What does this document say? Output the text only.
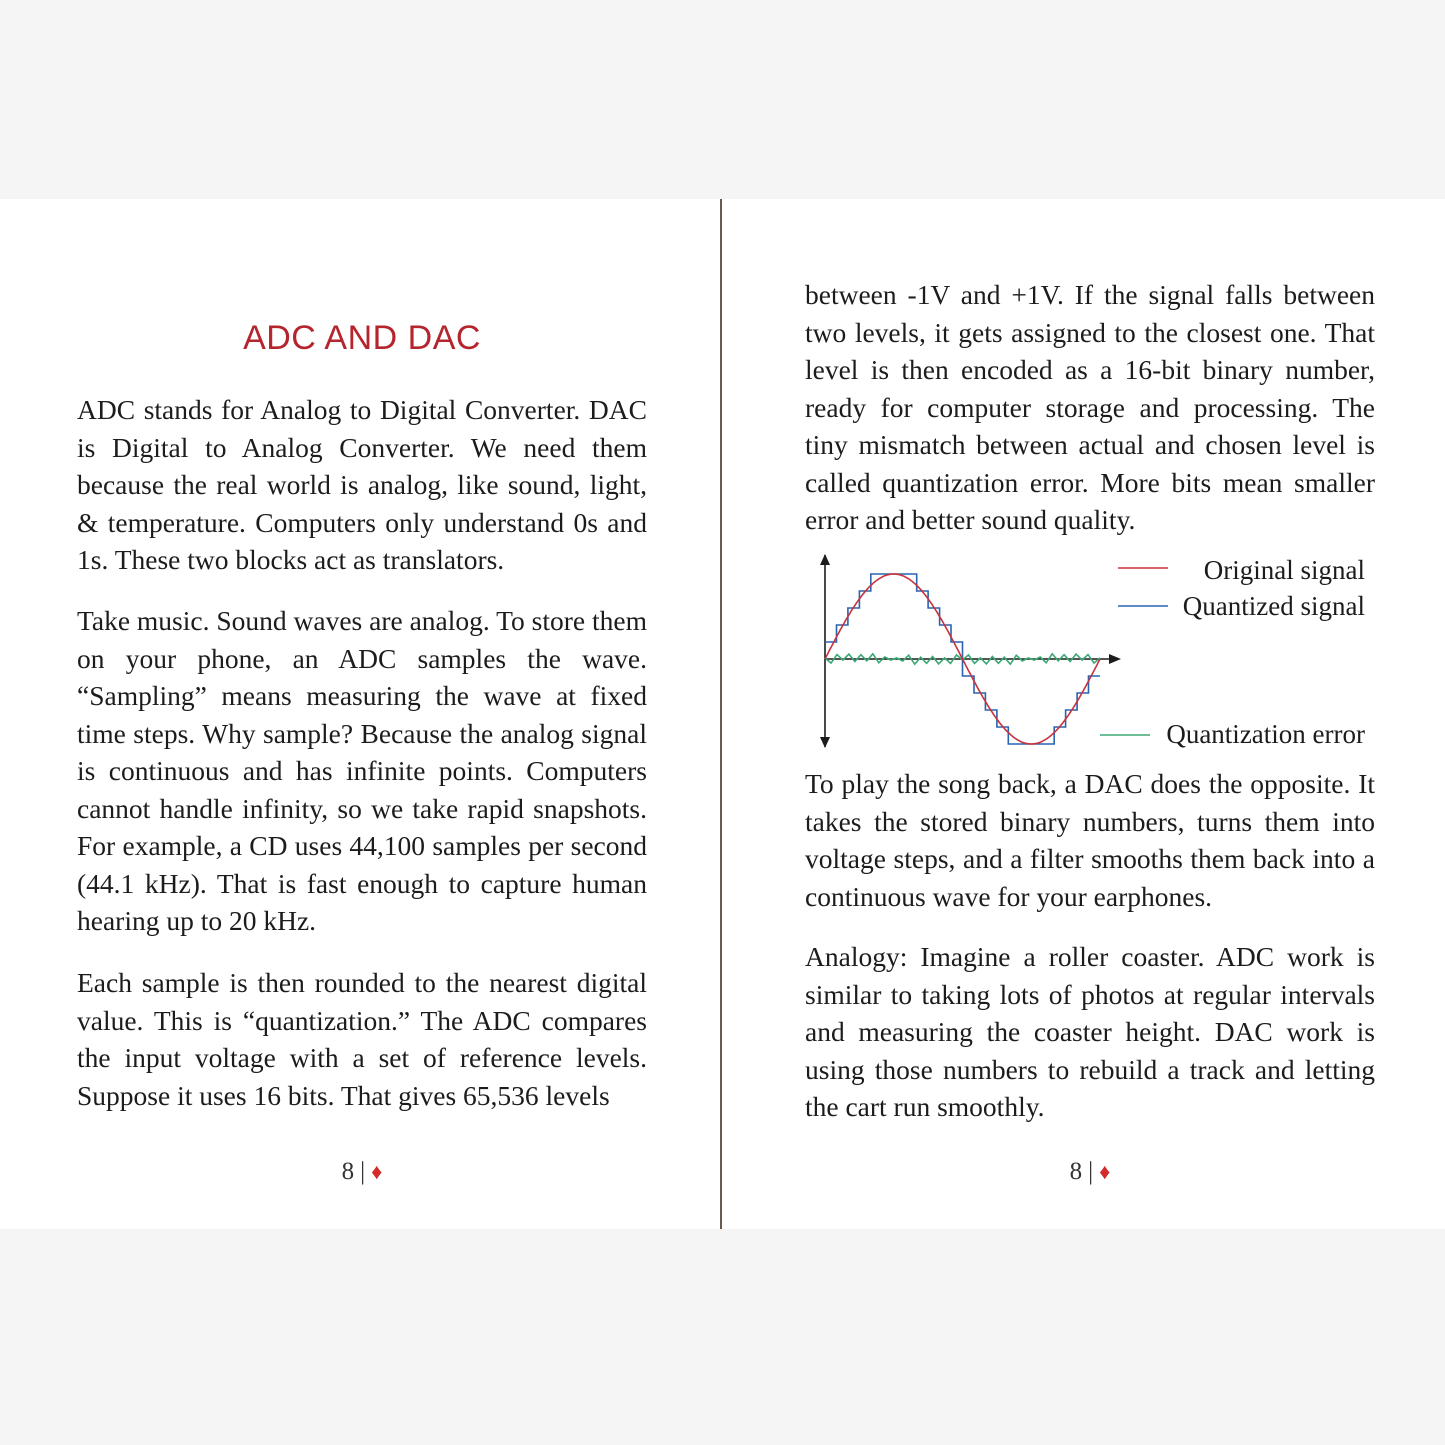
ADC AND DAC

ADC stands for Analog to Digital Converter. DAC is Digital to Analog Converter. We need them because the real world is analog, like sound, light, & temperature. Computers only understand 0s and 1s. These two blocks act as translators.

Take music. Sound waves are analog. To store them on your phone, an ADC samples the wave. “Sampling” means measuring the wave at fixed time steps. Why sample? Because the analog signal is continuous and has infinite points. Computers cannot handle infinity, so we take rapid snapshots. For example, a CD uses 44,100 samples per second (44.1 kHz). That is fast enough to capture human hearing up to 20 kHz.

Each sample is then rounded to the nearest digital value. This is “quantization.” The ADC compares the input voltage with a set of reference levels. Suppose it uses 16 bits. That gives 65,536 levels

8 | ♦

between -1V and +1V. If the signal falls between two levels, it gets assigned to the closest one. That level is then encoded as a 16-bit binary number, ready for computer storage and processing. The tiny mismatch between actual and chosen level is called quantization error. More bits mean smaller error and better sound quality.

Original signal
Quantized signal
Quantization error

To play the song back, a DAC does the opposite. It takes the stored binary numbers, turns them into voltage steps, and a filter smooths them back into a continuous wave for your earphones.

Analogy: Imagine a roller coaster. ADC work is similar to taking lots of photos at regular intervals and measuring the coaster height. DAC work is using those numbers to rebuild a track and letting the cart run smoothly.

8 | ♦
